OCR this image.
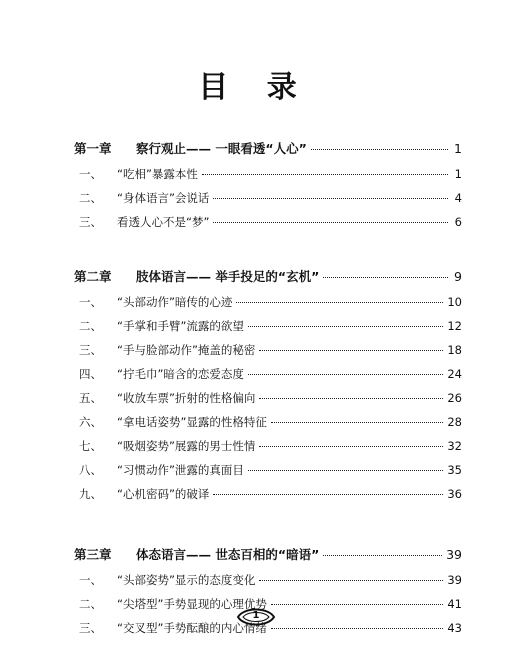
目 录
第一章	察行观止—— 一眼看透“人心”	1
一、	“吃相”暴露本性	1
二、	“身体语言”会说话	4
三、	看透人心不是“梦”	6
第二章	肢体语言—— 举手投足的“玄机”	9
一、	“头部动作”暗传的心迹	10
二、	“手掌和手臂”流露的欲望	12
三、	“手与脸部动作”掩盖的秘密	18
四、	“拧毛巾”暗含的恋爱态度	24
五、	“收放车票”折射的性格偏向	26
六、	“拿电话姿势”显露的性格特征	28
七、	“吸烟姿势”展露的男士性情	32
八、	“习惯动作”泄露的真面目	35
九、	“心机密码”的破译	36
第三章	体态语言—— 世态百相的“暗语”	39
一、	“头部姿势”显示的态度变化	39
二、	“尖塔型”手势显现的心理优势	41
三、	“交叉型”手势酝酿的内心情绪	43
1
